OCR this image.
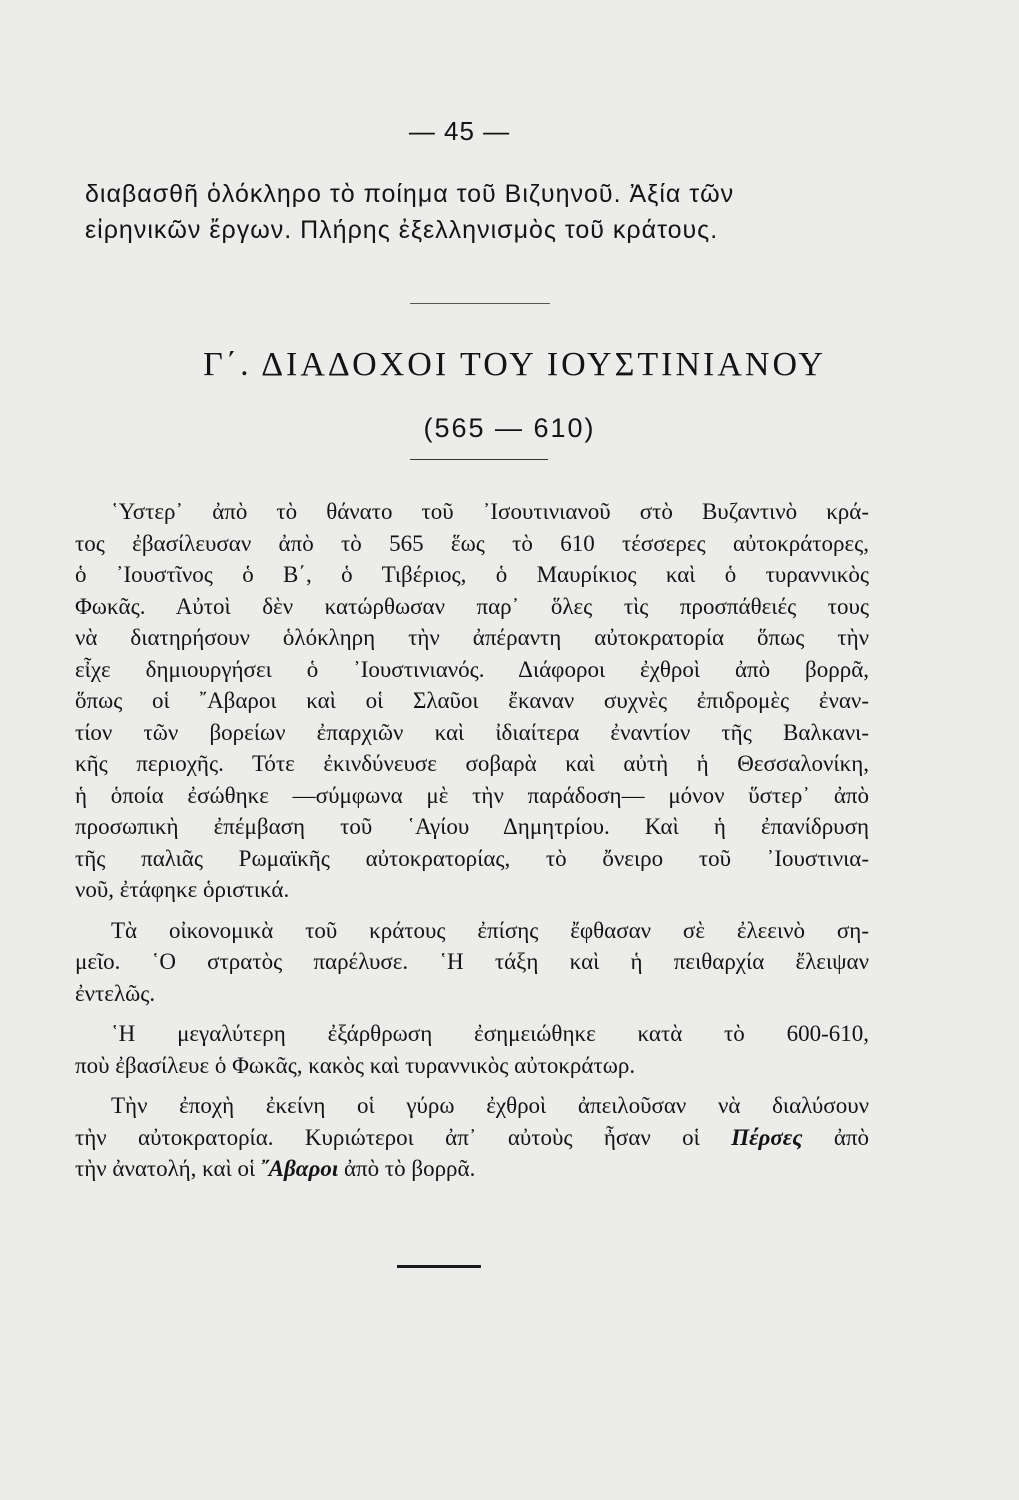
— 45 —
διαβασθῆ ὁλόκληρο τὸ ποίημα τοῦ Βιζυηνοῦ. Ἀξία τῶν
εἰρηνικῶν ἔργων. Πλήρης ἐξελληνισμὸς τοῦ κράτους.
Γ΄. ΔΙΑΔΟΧΟΙ ΤΟΥ ΙΟΥΣΤΙΝΙΑΝΟΥ
(565 — 610)
῾Υστερ᾽ ἀπὸ τὸ θάνατο τοῦ ᾽Ισουτινιανοῦ στὸ Βυζαντινὸ κρά-
τος ἐβασίλευσαν ἀπὸ τὸ 565 ἕως τὸ 610 τέσσερες αὐτοκράτορες,
ὁ ᾽Ιουστῖνος ὁ Β΄, ὁ Τιβέριος, ὁ Μαυρίκιος καὶ ὁ τυραννικὸς
Φωκᾶς. Αὐτοὶ δὲν κατώρθωσαν παρ᾽ ὅλες τὶς προσπάθειές τους
νὰ διατηρήσουν ὁλόκληρη τὴν ἀπέραντη αὐτοκρατορία ὅπως τὴν
εἶχε δημιουργήσει ὁ ᾽Ιουστινιανός. Διάφοροι ἐχθροὶ ἀπὸ βορρᾶ,
ὅπως οἱ ῎Αβαροι καὶ οἱ Σλαῦοι ἔκαναν συχνὲς ἐπιδρομὲς ἐναν-
τίον τῶν βορείων ἐπαρχιῶν καὶ ἰδιαίτερα ἐναντίον τῆς Βαλκανι-
κῆς περιοχῆς. Τότε ἐκινδύνευσε σοβαρὰ καὶ αὐτὴ ἡ Θεσσαλονίκη,
ἡ ὁποία ἐσώθηκε —σύμφωνα μὲ τὴν παράδοση— μόνον ὕστερ᾽ ἀπὸ
προσωπικὴ ἐπέμβαση τοῦ ῾Αγίου Δημητρίου. Καὶ ἡ ἐπανίδρυση
τῆς παλιᾶς Ρωμαϊκῆς αὐτοκρατορίας, τὸ ὄνειρο τοῦ ᾽Ιουστινια-
νοῦ, ἐτάφηκε ὁριστικά.
Τὰ οἰκονομικὰ τοῦ κράτους ἐπίσης ἔφθασαν σὲ ἐλεεινὸ ση-
μεῖο. ῾Ο στρατὸς παρέλυσε. ῾Η τάξη καὶ ἡ πειθαρχία ἔλειψαν
ἐντελῶς.
῾Η μεγαλύτερη ἐξάρθρωση ἐσημειώθηκε κατὰ τὸ 600-610,
ποὺ ἐβασίλευε ὁ Φωκᾶς, κακὸς καὶ τυραννικὸς αὐτοκράτωρ.
Τὴν ἐποχὴ ἐκείνη οἱ γύρω ἐχθροὶ ἀπειλοῦσαν νὰ διαλύσουν
τὴν αὐτοκρατορία. Κυριώτεροι ἀπ᾽ αὐτοὺς ἦσαν οἱ Πέρσες ἀπὸ
τὴν ἀνατολή, καὶ οἱ ῎Αβαροι ἀπὸ τὸ βορρᾶ.
